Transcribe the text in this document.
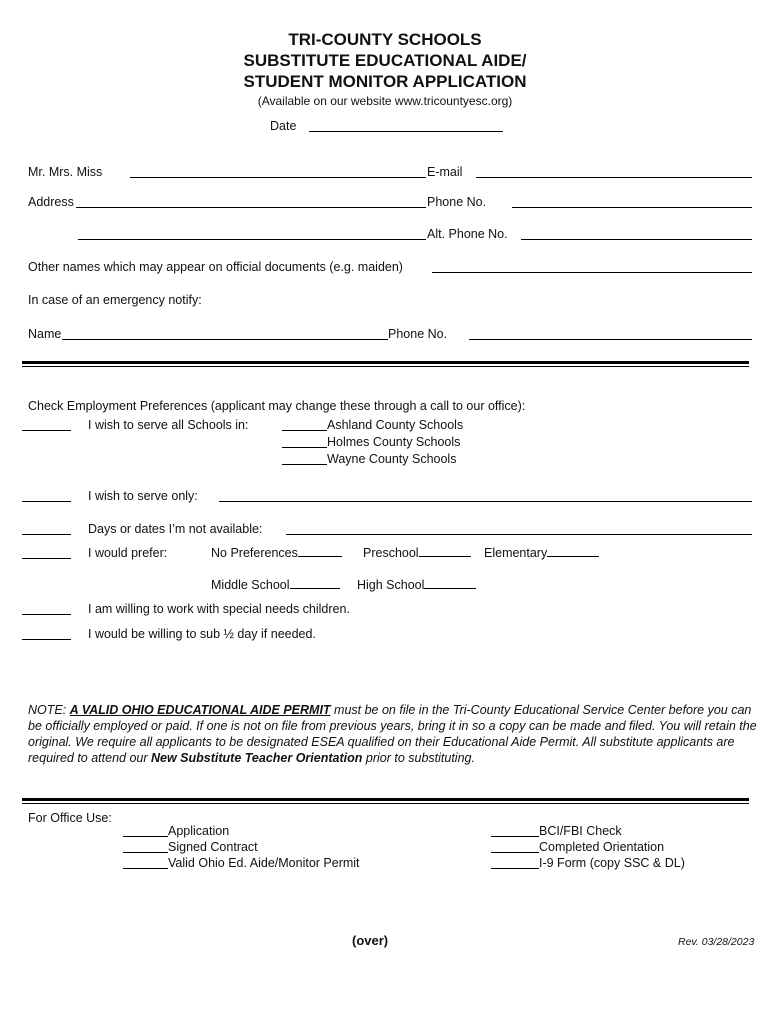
TRI-COUNTY SCHOOLS
SUBSTITUTE EDUCATIONAL AIDE/
STUDENT MONITOR APPLICATION
(Available on our website www.tricountyesc.org)
Date
Mr. Mrs. Miss	E-mail
Address	Phone No.
Alt. Phone No.
Other names which may appear on official documents (e.g. maiden)
In case of an emergency notify:
Name	Phone No.
Check Employment Preferences (applicant may change these through a call to our office):
I wish to serve all Schools in:	Ashland County Schools
Holmes County Schools
Wayne County Schools
I wish to serve only:
Days or dates I’m not available:
I would prefer:	No Preferences	Preschool	Elementary
Middle School	High School
I am willing to work with special needs children.
I would be willing to sub ½ day if needed.
NOTE: A VALID OHIO EDUCATIONAL AIDE PERMIT must be on file in the Tri-County Educational Service Center before you can be officially employed or paid. If one is not on file from previous years, bring it in so a copy can be made and filed. You will retain the original. We require all applicants to be designated ESEA qualified on their Educational Aide Permit. All substitute applicants are required to attend our New Substitute Teacher Orientation prior to substituting.
For Office Use:
Application
Signed Contract
Valid Ohio Ed. Aide/Monitor Permit
BCI/FBI Check
Completed Orientation
I-9 Form (copy SSC & DL)
(over)	Rev. 03/28/2023
